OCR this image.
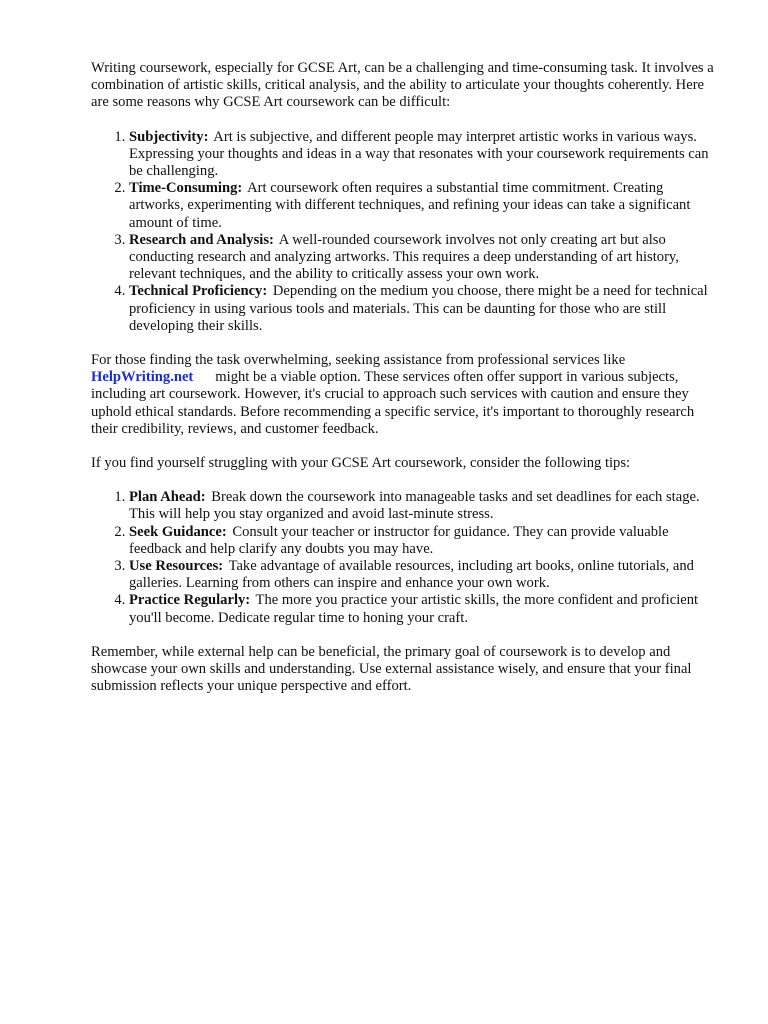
Writing coursework, especially for GCSE Art, can be a challenging and time-consuming task. It involves a combination of artistic skills, critical analysis, and the ability to articulate your thoughts coherently. Here are some reasons why GCSE Art coursework can be difficult:

1. Subjectivity: Art is subjective, and different people may interpret artistic works in various ways. Expressing your thoughts and ideas in a way that resonates with your coursework requirements can be challenging.
2. Time-Consuming: Art coursework often requires a substantial time commitment. Creating artworks, experimenting with different techniques, and refining your ideas can take a significant amount of time.
3. Research and Analysis: A well-rounded coursework involves not only creating art but also conducting research and analyzing artworks. This requires a deep understanding of art history, relevant techniques, and the ability to critically assess your own work.
4. Technical Proficiency: Depending on the medium you choose, there might be a need for technical proficiency in using various tools and materials. This can be daunting for those who are still developing their skills.

For those finding the task overwhelming, seeking assistance from professional services like
HelpWriting.net might be a viable option. These services often offer support in various subjects, including art coursework. However, it's crucial to approach such services with caution and ensure they uphold ethical standards. Before recommending a specific service, it's important to thoroughly research their credibility, reviews, and customer feedback.

If you find yourself struggling with your GCSE Art coursework, consider the following tips:

1. Plan Ahead: Break down the coursework into manageable tasks and set deadlines for each stage. This will help you stay organized and avoid last-minute stress.
2. Seek Guidance: Consult your teacher or instructor for guidance. They can provide valuable feedback and help clarify any doubts you may have.
3. Use Resources: Take advantage of available resources, including art books, online tutorials, and galleries. Learning from others can inspire and enhance your own work.
4. Practice Regularly: The more you practice your artistic skills, the more confident and proficient you'll become. Dedicate regular time to honing your craft.

Remember, while external help can be beneficial, the primary goal of coursework is to develop and showcase your own skills and understanding. Use external assistance wisely, and ensure that your final submission reflects your unique perspective and effort.
